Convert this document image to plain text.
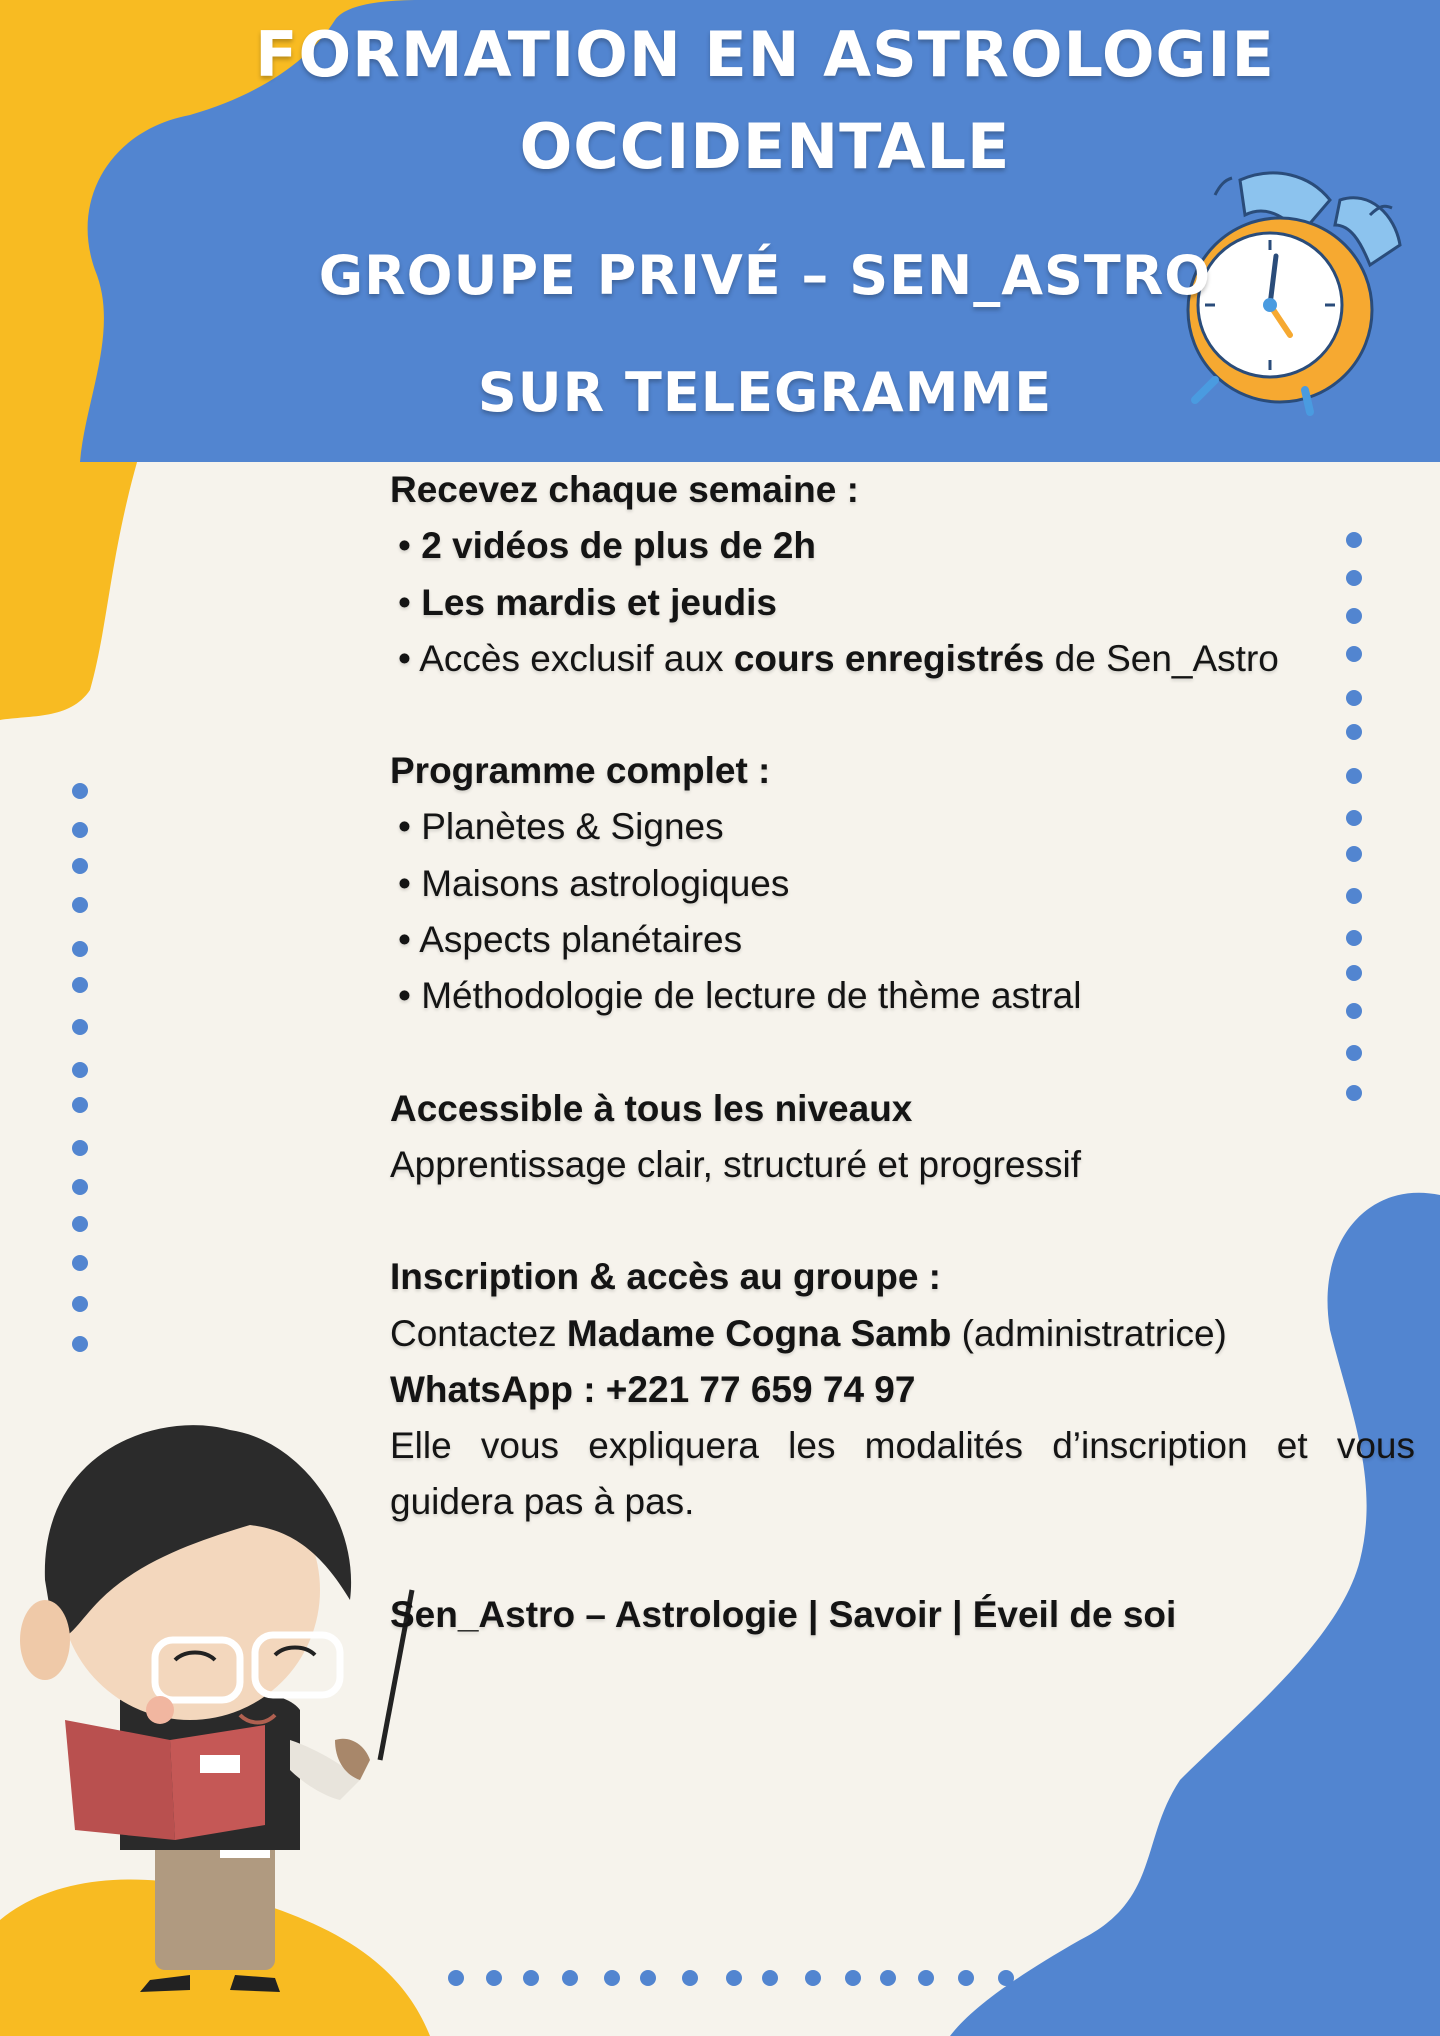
FORMATION EN ASTROLOGIE
OCCIDENTALE
GROUPE PRIVÉ – SEN_ASTRO
SUR TELEGRAMME

Recevez chaque semaine :

• 2 vidéos de plus de 2h

• Les mardis et jeudis

• Accès exclusif aux cours enregistrés de Sen_Astro

Programme complet :

• Planètes & Signes

• Maisons astrologiques

• Aspects planétaires

• Méthodologie de lecture de thème astral

Accessible à tous les niveaux

Apprentissage clair, structuré et progressif

Inscription & accès au groupe :

Contactez Madame Cogna Samb (administratrice)

WhatsApp : +221 77 659 74 97

Elle vous expliquera les modalités d’inscription et vous guidera pas à pas.

Sen_Astro – Astrologie | Savoir | Éveil de soi
